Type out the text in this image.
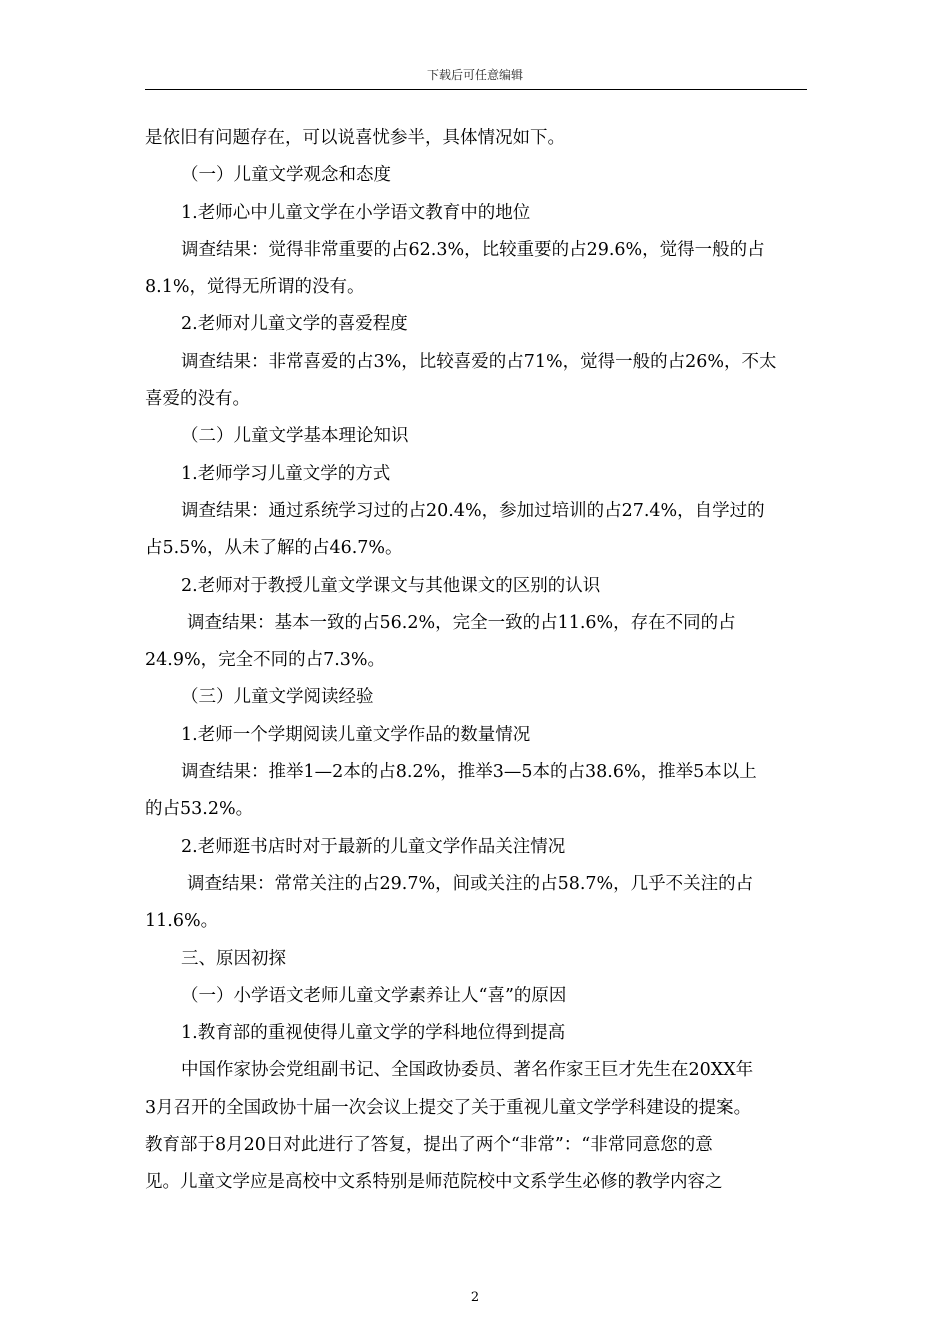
下载后可任意编辑
是依旧有问题存在，可以说喜忧参半，具体情况如下。
（一）儿童文学观念和态度
1.老师心中儿童文学在小学语文教育中的地位
调查结果：觉得非常重要的占62.3%，比较重要的占29.6%，觉得一般的占
8.1%，觉得无所谓的没有。
2.老师对儿童文学的喜爱程度
调查结果：非常喜爱的占3%，比较喜爱的占71%，觉得一般的占26%，不太
喜爱的没有。
（二）儿童文学基本理论知识
1.老师学习儿童文学的方式
调查结果：通过系统学习过的占20.4%，参加过培训的占27.4%，自学过的
占5.5%，从未了解的占46.7%。
2.老师对于教授儿童文学课文与其他课文的区别的认识
调查结果：基本一致的占56.2%，完全一致的占11.6%，存在不同的占
24.9%，完全不同的占7.3%。
（三）儿童文学阅读经验
1.老师一个学期阅读儿童文学作品的数量情况
调查结果：推举1—2本的占8.2%，推举3—5本的占38.6%，推举5本以上
的占53.2%。
2.老师逛书店时对于最新的儿童文学作品关注情况
调查结果：常常关注的占29.7%，间或关注的占58.7%，几乎不关注的占
11.6%。
三、原因初探
（一）小学语文老师儿童文学素养让人“喜”的原因
1.教育部的重视使得儿童文学的学科地位得到提高
中国作家协会党组副书记、全国政协委员、著名作家王巨才先生在20XX年
3月召开的全国政协十届一次会议上提交了关于重视儿童文学学科建设的提案。
教育部于8月20日对此进行了答复，提出了两个“非常”：“非常同意您的意
见。儿童文学应是高校中文系特别是师范院校中文系学生必修的教学内容之
2
